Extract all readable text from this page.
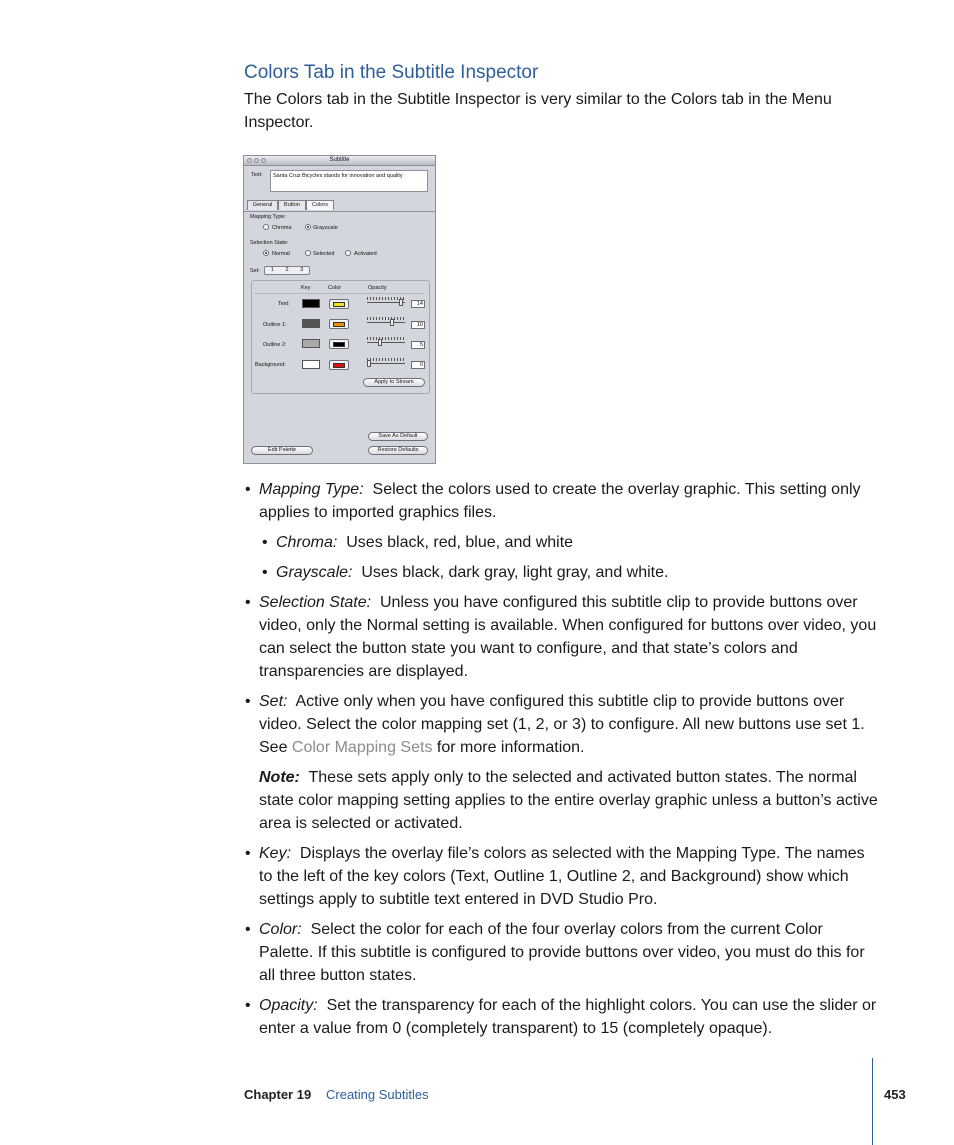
Colors Tab in the Subtitle Inspector
The Colors tab in the Subtitle Inspector is very similar to the Colors tab in the Menu Inspector.
Subtitle
Text:	Santa Cruz Bicycles stands for innovation and quality
General	Button	Colors
Mapping Type:
Chroma	Grayscale
Selection State:
Normal	Selected	Activated
Set:	1	2	3
Key	Color	Opacity
Text:	14
Outline 1:	10
Outline 2:	5
Background:	0
Apply to Stream
Save As Default
Edit Palette	Restore Defaults
• Mapping Type: Select the colors used to create the overlay graphic. This setting only applies to imported graphics files.
• Chroma: Uses black, red, blue, and white
• Grayscale: Uses black, dark gray, light gray, and white.
• Selection State: Unless you have configured this subtitle clip to provide buttons over video, only the Normal setting is available. When configured for buttons over video, you can select the button state you want to configure, and that state’s colors and transparencies are displayed.
• Set: Active only when you have configured this subtitle clip to provide buttons over video. Select the color mapping set (1, 2, or 3) to configure. All new buttons use set 1. See Color Mapping Sets for more information.
Note: These sets apply only to the selected and activated button states. The normal state color mapping setting applies to the entire overlay graphic unless a button’s active area is selected or activated.
• Key: Displays the overlay file’s colors as selected with the Mapping Type. The names to the left of the key colors (Text, Outline 1, Outline 2, and Background) show which settings apply to subtitle text entered in DVD Studio Pro.
• Color: Select the color for each of the four overlay colors from the current Color Palette. If this subtitle is configured to provide buttons over video, you must do this for all three button states.
• Opacity: Set the transparency for each of the highlight colors. You can use the slider or enter a value from 0 (completely transparent) to 15 (completely opaque).
Chapter 19 Creating Subtitles	453
